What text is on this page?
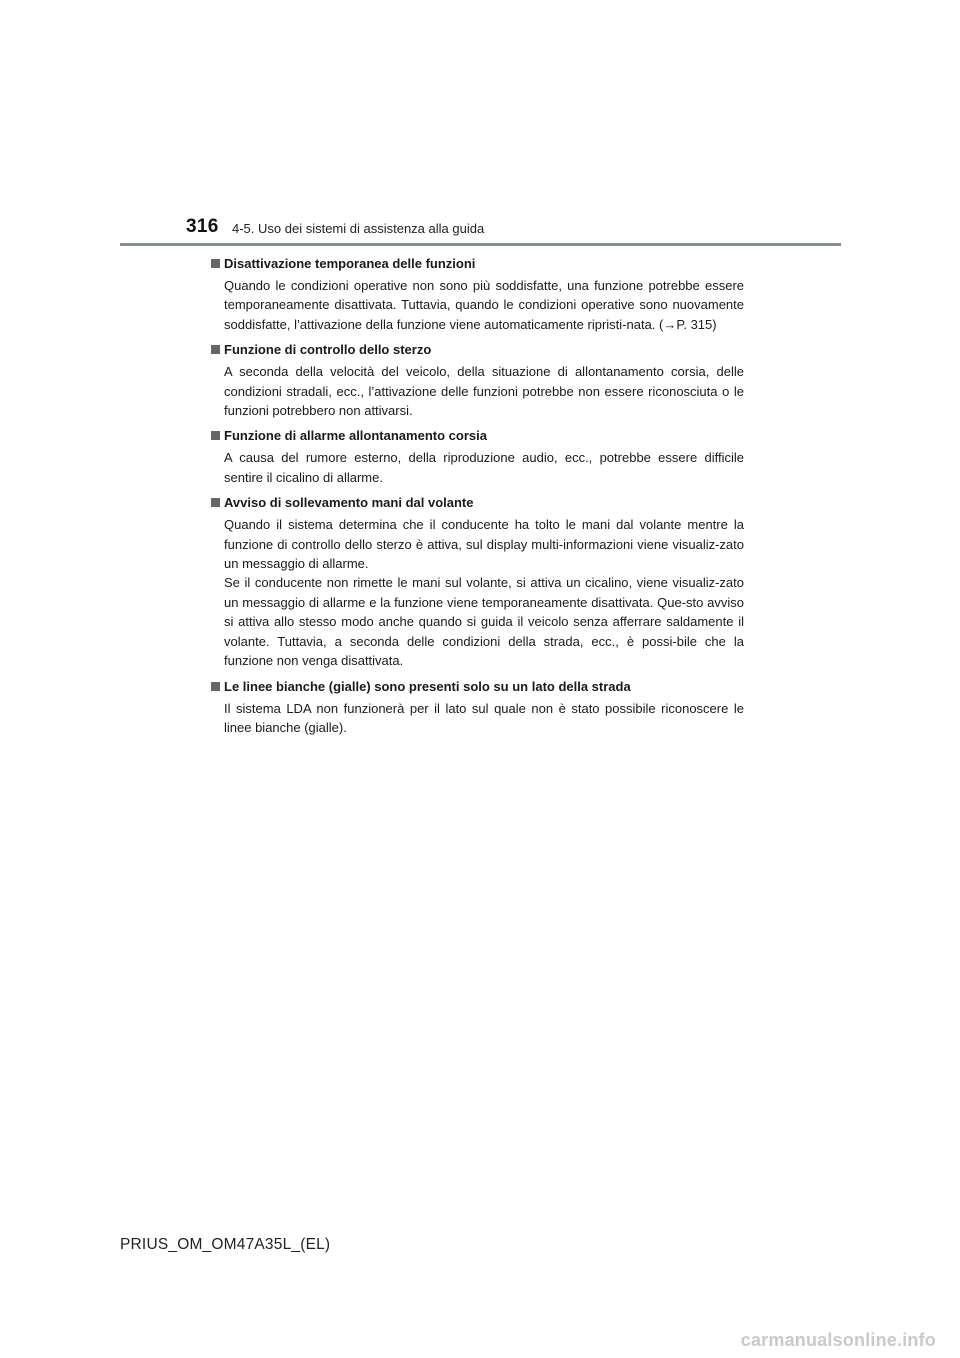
316 4-5. Uso dei sistemi di assistenza alla guida
Disattivazione temporanea delle funzioni
Quando le condizioni operative non sono più soddisfatte, una funzione potrebbe essere temporaneamente disattivata. Tuttavia, quando le condizioni operative sono nuovamente soddisfatte, l’attivazione della funzione viene automaticamente ripristi-nata. (→P. 315)
Funzione di controllo dello sterzo
A seconda della velocità del veicolo, della situazione di allontanamento corsia, delle condizioni stradali, ecc., l’attivazione delle funzioni potrebbe non essere riconosciuta o le funzioni potrebbero non attivarsi.
Funzione di allarme allontanamento corsia
A causa del rumore esterno, della riproduzione audio, ecc., potrebbe essere difficile sentire il cicalino di allarme.
Avviso di sollevamento mani dal volante
Quando il sistema determina che il conducente ha tolto le mani dal volante mentre la funzione di controllo dello sterzo è attiva, sul display multi-informazioni viene visualiz-zato un messaggio di allarme.
Se il conducente non rimette le mani sul volante, si attiva un cicalino, viene visualiz-zato un messaggio di allarme e la funzione viene temporaneamente disattivata. Que-sto avviso si attiva allo stesso modo anche quando si guida il veicolo senza afferrare saldamente il volante. Tuttavia, a seconda delle condizioni della strada, ecc., è possi-bile che la funzione non venga disattivata.
Le linee bianche (gialle) sono presenti solo su un lato della strada
Il sistema LDA non funzionerà per il lato sul quale non è stato possibile riconoscere le linee bianche (gialle).
PRIUS_OM_OM47A35L_(EL)
carmanualsonline.info
